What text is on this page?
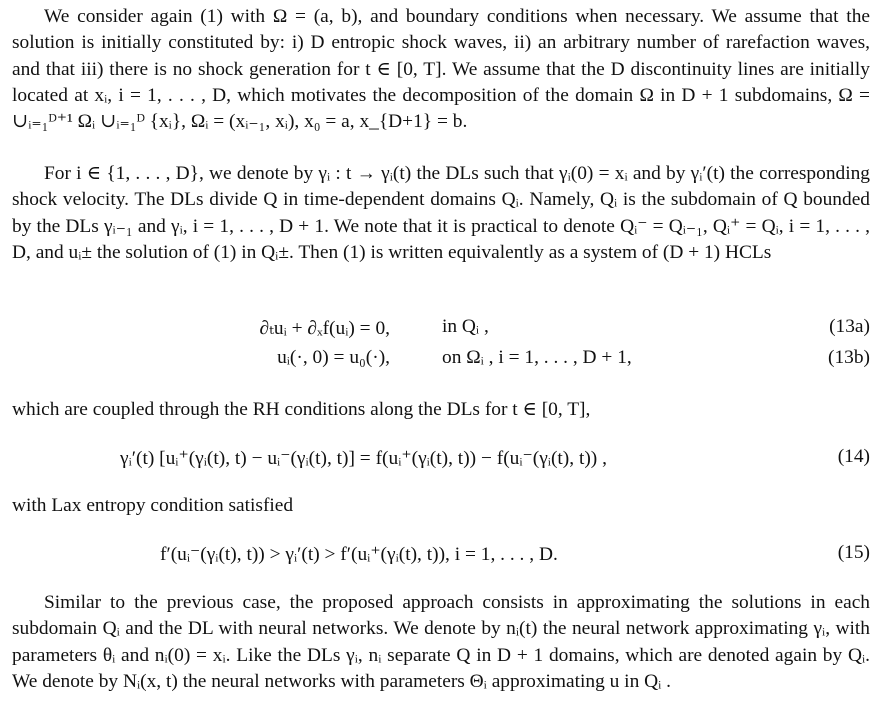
We consider again (1) with Ω = (a, b), and boundary conditions when necessary. We assume that the solution is initially constituted by: i) D entropic shock waves, ii) an arbitrary number of rarefaction waves, and that iii) there is no shock generation for t ∈ [0, T]. We assume that the D discontinuity lines are initially located at xᵢ, i = 1, . . . , D, which motivates the decomposition of the domain Ω in D + 1 subdomains, Ω = ∪ᵢ₌₁ᴰ⁺¹ Ωᵢ ∪ᵢ₌₁ᴰ {xᵢ}, Ωᵢ = (xᵢ₋₁, xᵢ), x₀ = a, x_{D+1} = b.

For i ∈ {1, . . . , D}, we denote by γᵢ : t → γᵢ(t) the DLs such that γᵢ(0) = xᵢ and by γᵢ′(t) the corresponding shock velocity. The DLs divide Q in time-dependent domains Qᵢ. Namely, Qᵢ is the subdomain of Q bounded by the DLs γᵢ₋₁ and γᵢ, i = 1, . . . , D + 1. We note that it is practical to denote Qᵢ⁻ = Qᵢ₋₁, Qᵢ⁺ = Qᵢ, i = 1, . . . , D, and uᵢ± the solution of (1) in Qᵢ±. Then (1) is written equivalently as a system of (D + 1) HCLs

∂ₜuᵢ + ∂ₓf(uᵢ) = 0,	in Qᵢ ,	(13a)
uᵢ(·, 0) = u₀(·),	on Ωᵢ , i = 1, . . . , D + 1,	(13b)

which are coupled through the RH conditions along the DLs for t ∈ [0, T],

γᵢ′(t) [uᵢ⁺(γᵢ(t), t) − uᵢ⁻(γᵢ(t), t)] = f(uᵢ⁺(γᵢ(t), t)) − f(uᵢ⁻(γᵢ(t), t)) ,	(14)

with Lax entropy condition satisfied

f′(uᵢ⁻(γᵢ(t), t)) > γᵢ′(t) > f′(uᵢ⁺(γᵢ(t), t)), i = 1, . . . , D.	(15)

Similar to the previous case, the proposed approach consists in approximating the solutions in each subdomain Qᵢ and the DL with neural networks. We denote by nᵢ(t) the neural network approximating γᵢ, with parameters θᵢ and nᵢ(0) = xᵢ. Like the DLs γᵢ, nᵢ separate Q in D + 1 domains, which are denoted again by Qᵢ. We denote by Nᵢ(x, t) the neural networks with parameters Θᵢ approximating u in Qᵢ .
